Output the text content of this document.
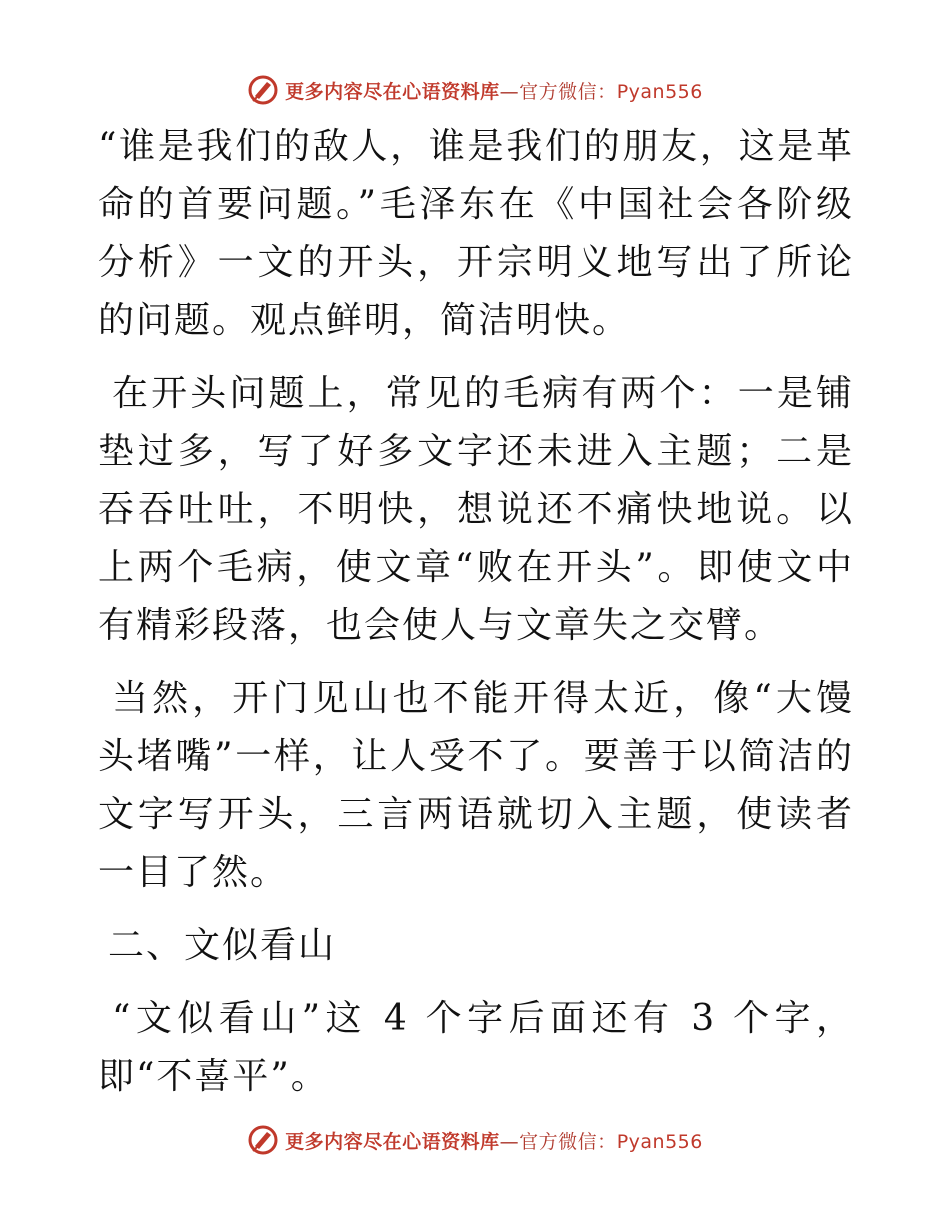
更多内容尽在心语资料库—官方微信：Pyan556

“谁是我们的敌人，谁是我们的朋友，这是革命的首要问题。”毛泽东在《中国社会各阶级分析》一文的开头，开宗明义地写出了所论的问题。观点鲜明，简洁明快。

在开头问题上，常见的毛病有两个：一是铺垫过多，写了好多文字还未进入主题；二是吞吞吐吐，不明快，想说还不痛快地说。以上两个毛病，使文章“败在开头”。即使文中有精彩段落，也会使人与文章失之交臂。

当然，开门见山也不能开得太近，像“大馒头堵嘴”一样，让人受不了。要善于以简洁的文字写开头，三言两语就切入主题，使读者一目了然。

二、文似看山

“文似看山”这 4 个字后面还有 3 个字，即“不喜平”。

更多内容尽在心语资料库—官方微信：Pyan556
